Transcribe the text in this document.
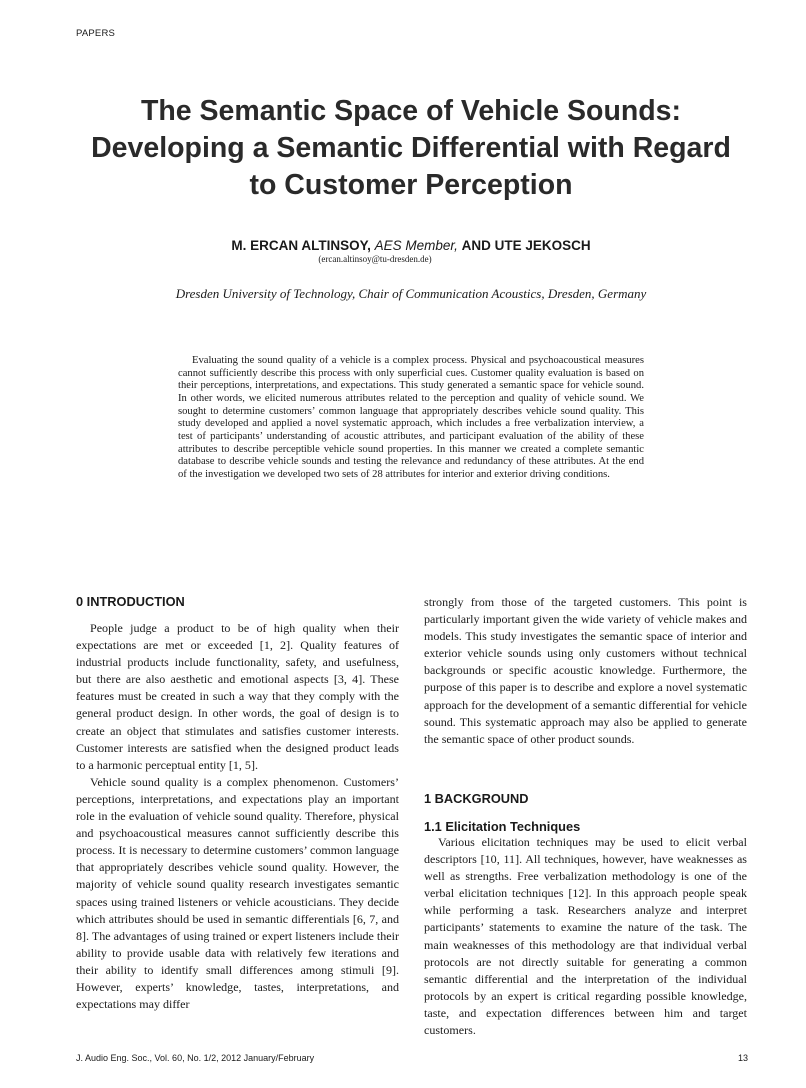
PAPERS
The Semantic Space of Vehicle Sounds:
Developing a Semantic Differential with Regard
to Customer Perception
M. ERCAN ALTINSOY, AES Member, AND UTE JEKOSCH
(ercan.altinsoy@tu-dresden.de)
Dresden University of Technology, Chair of Communication Acoustics, Dresden, Germany

Evaluating the sound quality of a vehicle is a complex process. Physical and psychoacoustical measures cannot sufficiently describe this process with only superficial cues. Customer quality evaluation is based on their perceptions, interpretations, and expectations. This study generated a semantic space for vehicle sound. In other words, we elicited numerous attributes related to the perception and quality of vehicle sound. We sought to determine customers’ common language that appropriately describes vehicle sound quality. This study developed and applied a novel systematic approach, which includes a free verbalization interview, a test of participants’ understanding of acoustic attributes, and participant evaluation of the ability of these attributes to describe perceptible vehicle sound properties. In this manner we created a complete semantic database to describe vehicle sounds and testing the relevance and redundancy of these attributes. At the end of the investigation we developed two sets of 28 attributes for interior and exterior driving conditions.

0 INTRODUCTION

People judge a product to be of high quality when their expectations are met or exceeded [1, 2]. Quality features of industrial products include functionality, safety, and usefulness, but there are also aesthetic and emotional aspects [3, 4]. These features must be created in such a way that they comply with the general product design. In other words, the goal of design is to create an object that stimulates and satisfies customer interests. Customer interests are satisfied when the designed product leads to a harmonic perceptual entity [1, 5].

Vehicle sound quality is a complex phenomenon. Customers’ perceptions, interpretations, and expectations play an important role in the evaluation of vehicle sound quality. Therefore, physical and psychoacoustical measures cannot sufficiently describe this process. It is necessary to determine customers’ common language that appropriately describes vehicle sound quality. However, the majority of vehicle sound quality research investigates semantic spaces using trained listeners or vehicle acousticians. They decide which attributes should be used in semantic differentials [6, 7, and 8]. The advantages of using trained or expert listeners include their ability to provide usable data with relatively few iterations and their ability to identify small differences among stimuli [9]. However, experts’ knowledge, tastes, interpretations, and expectations may differ

strongly from those of the targeted customers. This point is particularly important given the wide variety of vehicle makes and models. This study investigates the semantic space of interior and exterior vehicle sounds using only customers without technical backgrounds or specific acoustic knowledge. Furthermore, the purpose of this paper is to describe and explore a novel systematic approach for the development of a semantic differential for vehicle sound. This systematic approach may also be applied to generate the semantic space of other product sounds.

1 BACKGROUND
1.1 Elicitation Techniques

Various elicitation techniques may be used to elicit verbal descriptors [10, 11]. All techniques, however, have weaknesses as well as strengths. Free verbalization methodology is one of the verbal elicitation techniques [12]. In this approach people speak while performing a task. Researchers analyze and interpret participants’ statements to examine the nature of the task. The main weaknesses of this methodology are that individual verbal protocols are not directly suitable for generating a common semantic differential and the interpretation of the individual protocols by an expert is critical regarding possible knowledge, taste, and expectation differences between him and target customers.

J. Audio Eng. Soc., Vol. 60, No. 1/2, 2012 January/February	13
